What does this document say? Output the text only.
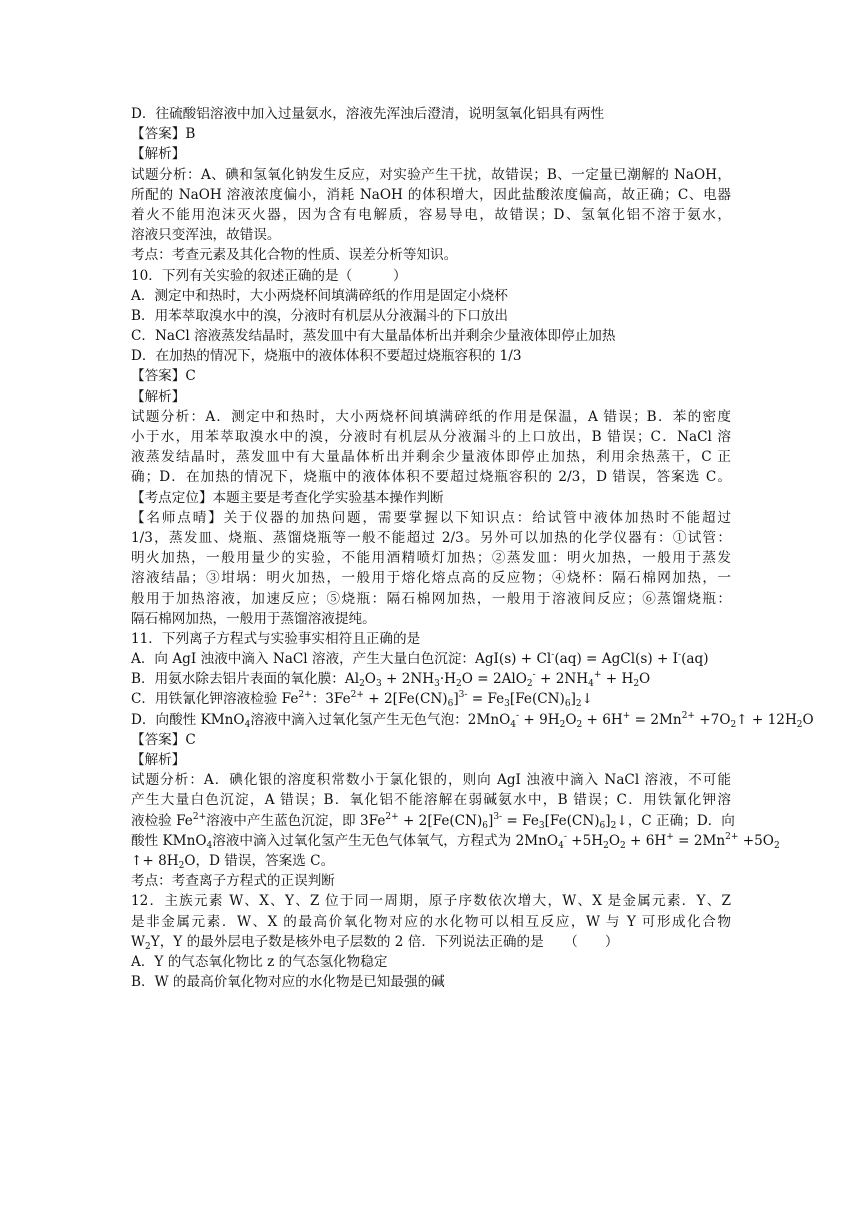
D．往硫酸铝溶液中加入过量氨水，溶液先浑浊后澄清，说明氢氧化铝具有两性
【答案】B
【解析】
试题分析：A、碘和氢氧化钠发生反应，对实验产生干扰，故错误；B、一定量已潮解的 NaOH，
所配的 NaOH 溶液浓度偏小，消耗 NaOH 的体积增大，因此盐酸浓度偏高，故正确；C、电器
着火不能用泡沫灭火器，因为含有电解质，容易导电，故错误；D、氢氧化铝不溶于氨水，
溶液只变浑浊，故错误。
考点：考查元素及其化合物的性质、误差分析等知识。
10．下列有关实验的叙述正确的是（　　　）
A．测定中和热时，大小两烧杯间填满碎纸的作用是固定小烧杯
B．用苯萃取溴水中的溴，分液时有机层从分液漏斗的下口放出
C．NaCl 溶液蒸发结晶时，蒸发皿中有大量晶体析出并剩余少量液体即停止加热
D．在加热的情况下，烧瓶中的液体体积不要超过烧瓶容积的 1/3
【答案】C
【解析】
试题分析：A．测定中和热时，大小两烧杯间填满碎纸的作用是保温，A 错误；B．苯的密度
小于水，用苯萃取溴水中的溴，分液时有机层从分液漏斗的上口放出，B 错误；C．NaCl 溶
液蒸发结晶时，蒸发皿中有大量晶体析出并剩余少量液体即停止加热，利用余热蒸干，C 正
确；D．在加热的情况下，烧瓶中的液体体积不要超过烧瓶容积的 2/3，D 错误，答案选 C。
【考点定位】本题主要是考查化学实验基本操作判断
【名师点晴】关于仪器的加热问题，需要掌握以下知识点：给试管中液体加热时不能超过
1/3，蒸发皿、烧瓶、蒸馏烧瓶等一般不能超过 2/3。另外可以加热的化学仪器有：①试管：
明火加热，一般用量少的实验，不能用酒精喷灯加热；②蒸发皿：明火加热，一般用于蒸发
溶液结晶；③坩埚：明火加热，一般用于熔化熔点高的反应物；④烧杯：隔石棉网加热，一
般用于加热溶液，加速反应；⑤烧瓶：隔石棉网加热，一般用于溶液间反应；⑥蒸馏烧瓶：
隔石棉网加热，一般用于蒸馏溶液提纯。
11．下列离子方程式与实验事实相符且正确的是
A．向 AgI 浊液中滴入 NaCl 溶液，产生大量白色沉淀：AgI(s) + Cl-(aq) = AgCl(s) + I-(aq)
B．用氨水除去铝片表面的氧化膜：$Al_2O_3 + 2NH_3\cdot H_2O = 2AlO_2^- + 2NH_4^+ + H_2O$
C．用铁氰化钾溶液检验 $Fe^{2+}$：$3Fe^{2+} + 2[Fe(CN)_6]^{3-}$ = $Fe_3[Fe(CN)_6]_2↓$
D．向酸性 KMnO$_4$溶液中滴入过氧化氢产生无色气泡：$2MnO_4^- + 9H_2O_2 + 6H^+ = 2Mn^{2+}$ $+7O_2↑ + 12H_2O$
【答案】C
【解析】
试题分析：A．碘化银的溶度积常数小于氯化银的，则向 AgI 浊液中滴入 NaCl 溶液，不可能
产生大量白色沉淀，A 错误；B．氧化铝不能溶解在弱碱氨水中，B 错误；C．用铁氰化钾溶
液检验 $Fe^{2+}$溶液中产生蓝色沉淀，即 $3Fe^{2+} + 2[Fe(CN)_6]^{3-}$ = $Fe_3[Fe(CN)_6]_2↓$，C 正确；D．向
酸性 KMnO$_4$溶液中滴入过氧化氢产生无色气体氧气，方程式为 $2MnO_4^- +5H_2O_2 + 6H^+ = 2Mn^{2+} +5O_2$
↑+ $8H_2O$，D 错误，答案选 C。
考点：考查离子方程式的正误判断
12．主族元素 W、X、Y、Z 位于同一周期，原子序数依次增大，W、X 是金属元素．Y、Z
是非金属元素．W、X 的最高价氧化物对应的水化物可以相互反应，W 与 Y 可形成化合物
$W_2Y$，Y 的最外层电子数是核外电子层数的 2 倍．下列说法正确的是　　（　　）
A．Y 的气态氧化物比 z 的气态氢化物稳定
B．W 的最高价氧化物对应的水化物是已知最强的碱
